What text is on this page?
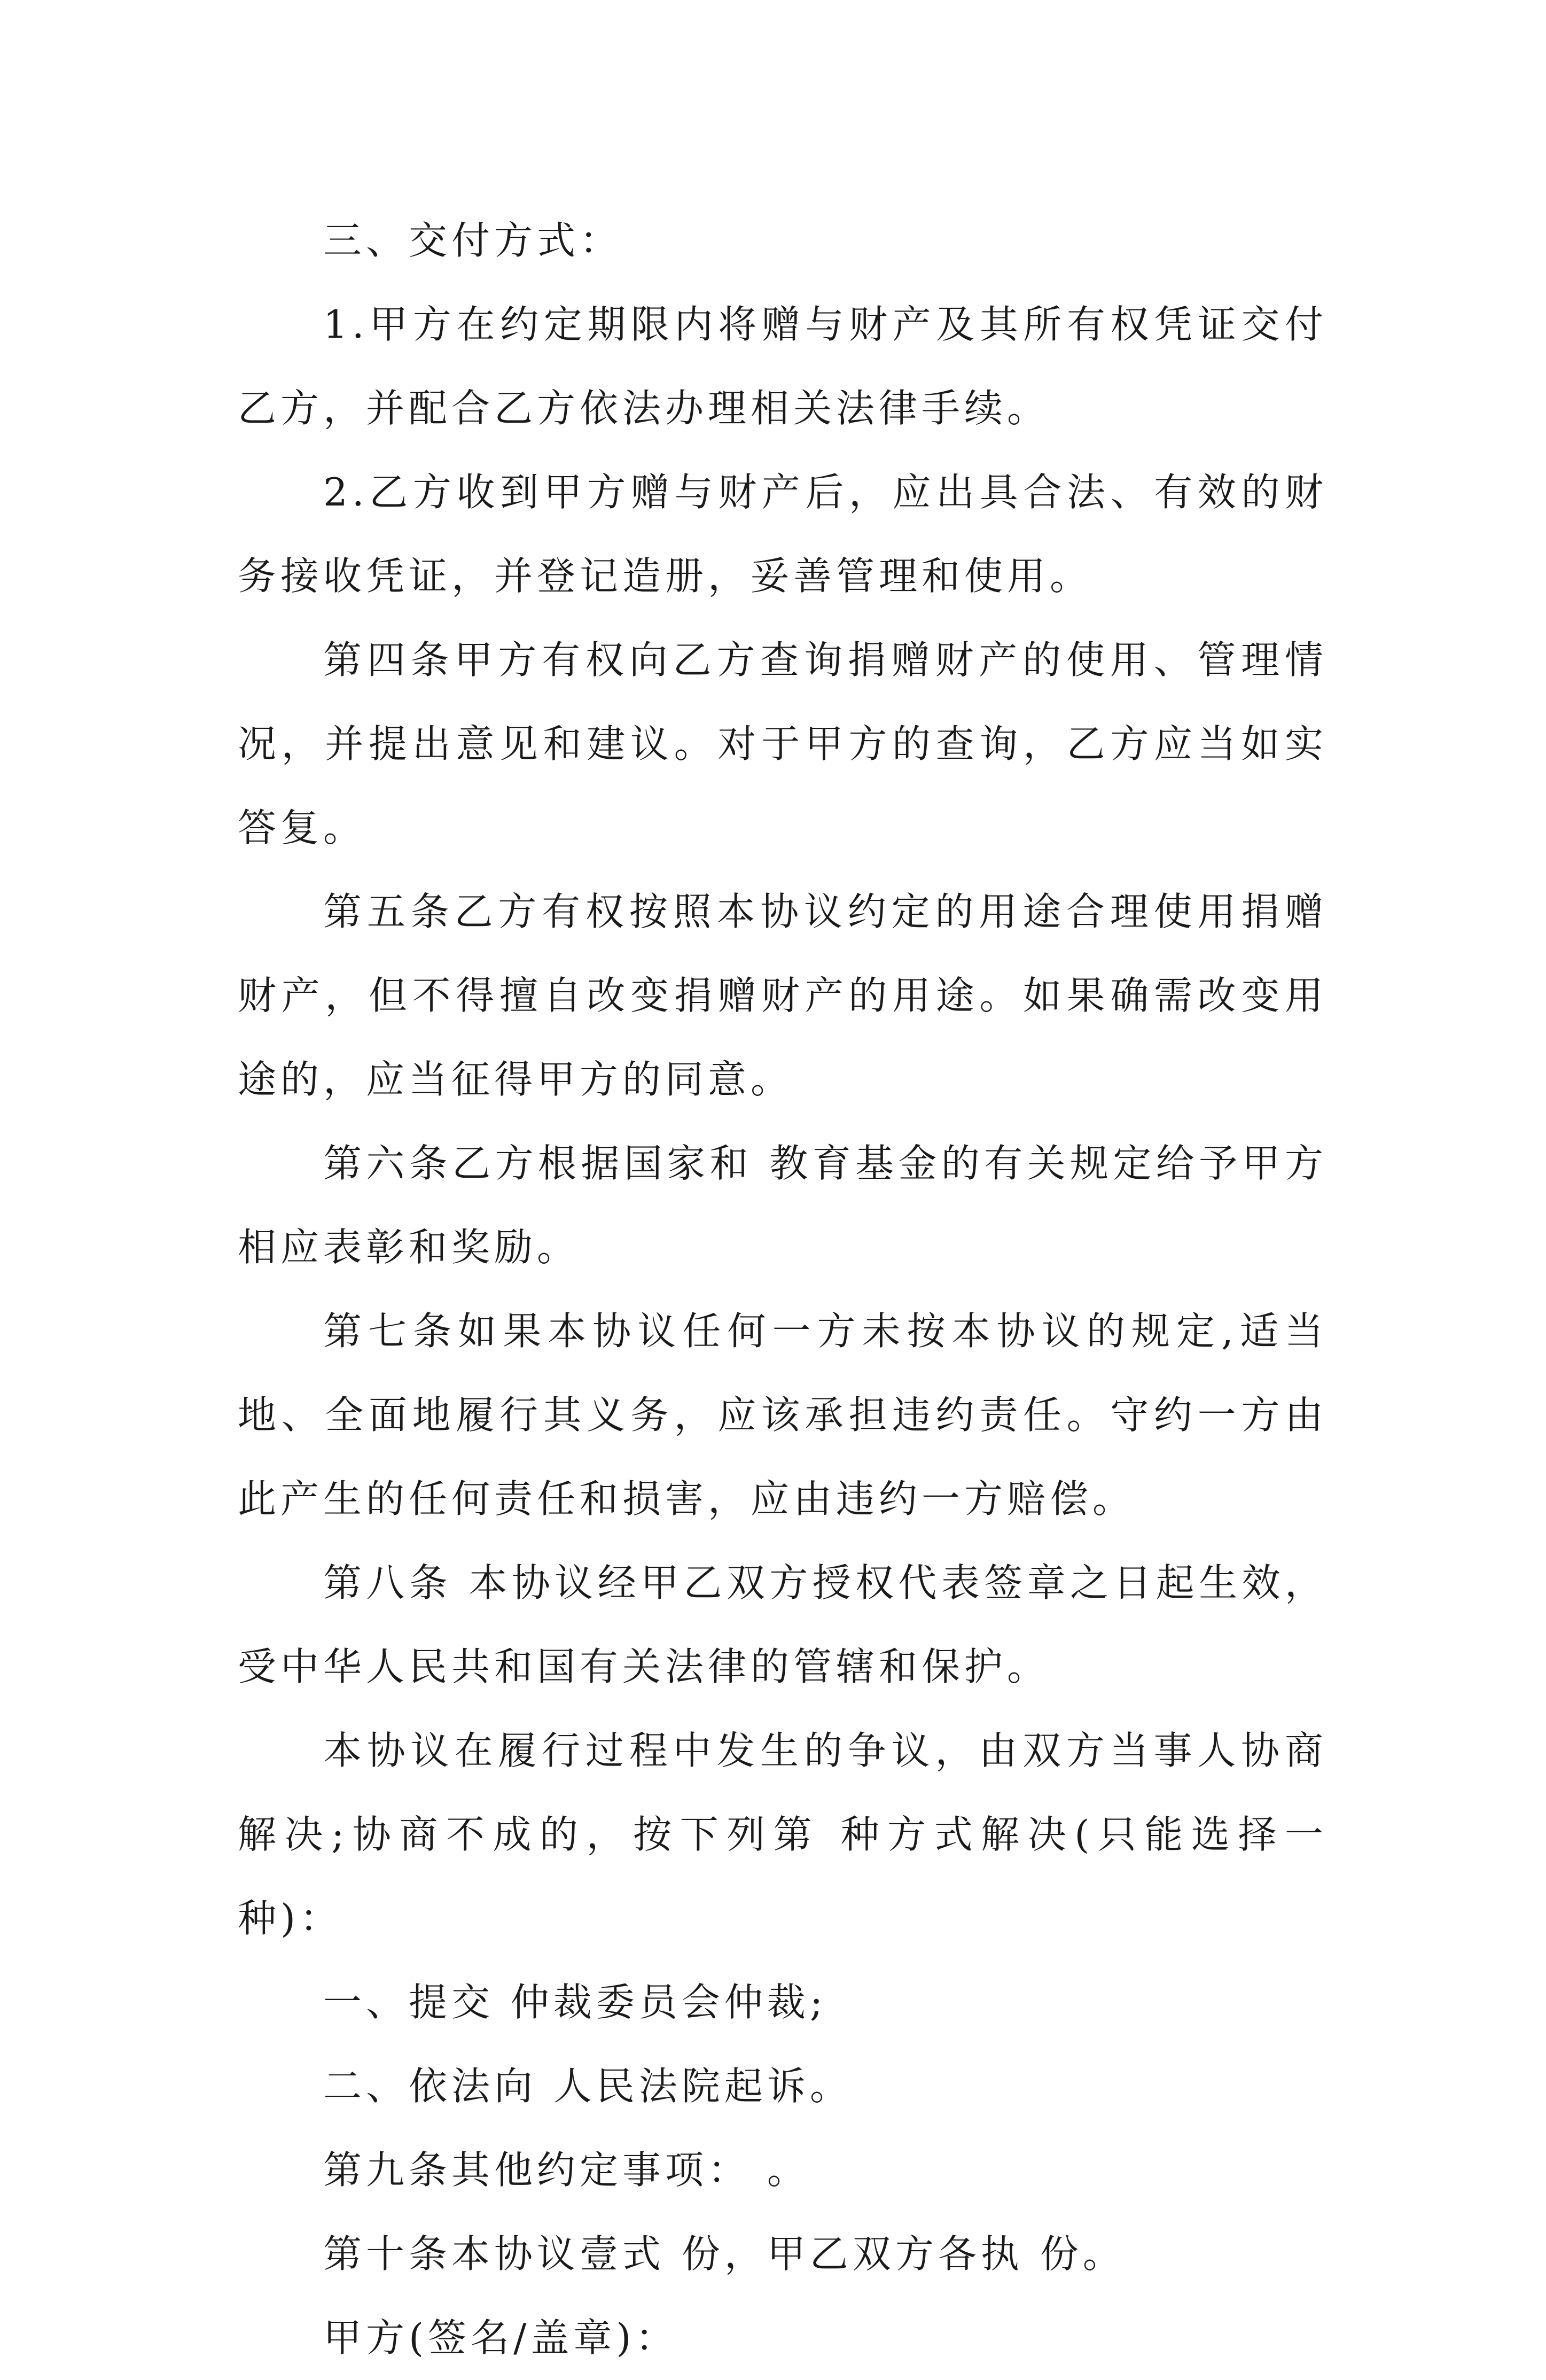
三、交付方式：

1.甲方在约定期限内将赠与财产及其所有权凭证交付乙方，并配合乙方依法办理相关法律手续。

2.乙方收到甲方赠与财产后，应出具合法、有效的财务接收凭证，并登记造册，妥善管理和使用。

第四条甲方有权向乙方查询捐赠财产的使用、管理情况，并提出意见和建议。对于甲方的查询，乙方应当如实答复。

第五条乙方有权按照本协议约定的用途合理使用捐赠财产，但不得擅自改变捐赠财产的用途。如果确需改变用途的，应当征得甲方的同意。

第六条乙方根据国家和 教育基金的有关规定给予甲方相应表彰和奖励。

第七条如果本协议任何一方未按本协议的规定,适当地、全面地履行其义务，应该承担违约责任。守约一方由此产生的任何责任和损害，应由违约一方赔偿。

第八条 本协议经甲乙双方授权代表签章之日起生效，受中华人民共和国有关法律的管辖和保护。

本协议在履行过程中发生的争议，由双方当事人协商解决;协商不成的，按下列第 种方式解决(只能选择一种)：

一、提交 仲裁委员会仲裁;

二、依法向 人民法院起诉。

第九条其他约定事项： 。

第十条本协议壹式 份，甲乙双方各执 份。

甲方(签名/盖章)：
